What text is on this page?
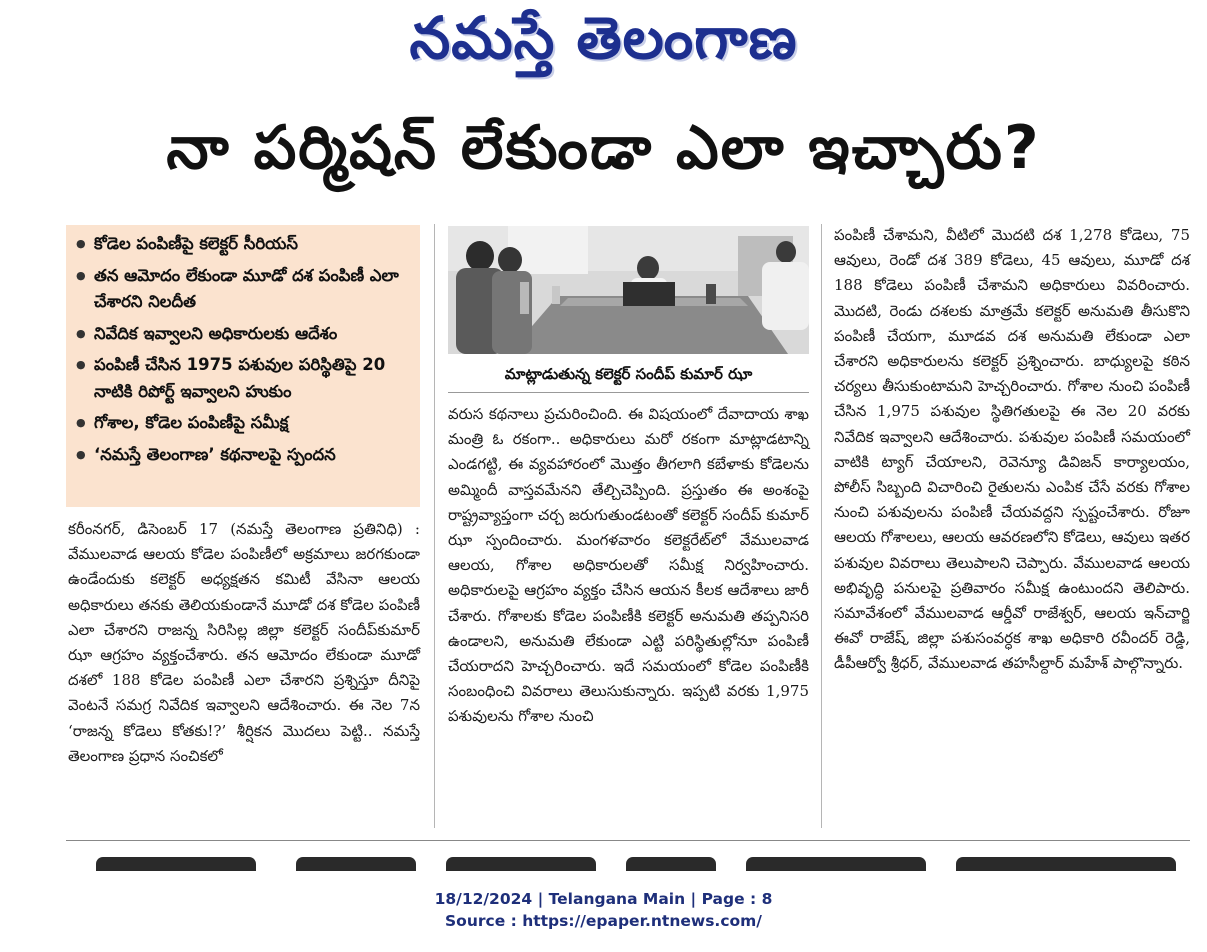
నమస్తే తెలంగాణ
నా పర్మిషన్ లేకుండా ఎలా ఇచ్చారు?
● కోడెల పంపిణీపై కలెక్టర్ సీరియస్
● తన ఆమోదం లేకుండా మూడో దశ పంపిణీ ఎలా చేశారని నిలదీత
● నివేదిక ఇవ్వాలని అధికారులకు ఆదేశం
● పంపిణీ చేసిన 1975 పశువుల పరిస్థితిపై 20 నాటికి రిపోర్ట్ ఇవ్వాలని హుకుం
● గోశాల, కోడెల పంపిణీపై సమీక్ష
● ‘నమస్తే తెలంగాణ’ కథనాలపై స్పందన
మాట్లాడుతున్న కలెక్టర్ సందీప్ కుమార్ ఝా

కరీంనగర్, డిసెంబర్ 17 (నమస్తే తెలంగాణ ప్రతినిధి) : వేములవాడ ఆలయ కోడెల పంపిణీలో అక్రమాలు జరగకుండా ఉండేందుకు కలెక్టర్ అధ్యక్షతన కమిటీ వేసినా ఆలయ అధికారులు తనకు తెలియకుండానే మూడో దశ కోడెల పంపిణీ ఎలా చేశారని రాజన్న సిరిసిల్ల జిల్లా కలెక్టర్ సందీప్‌కుమార్ ఝా ఆగ్రహం వ్యక్తంచేశారు. తన ఆమోదం లేకుండా మూడో దశలో 188 కోడెల పంపిణీ ఎలా చేశారని ప్రశ్నిస్తూ దీనిపై వెంటనే సమగ్ర నివేదిక ఇవ్వాలని ఆదేశించారు. ఈ నెల 7న ‘రాజన్న కోడెలు కోతకు!?’ శీర్షికన మొదలు పెట్టి.. నమస్తే తెలంగాణ ప్రధాన సంచికలో

వరుస కథనాలు ప్రచురించింది. ఈ విషయంలో దేవాదాయ శాఖ మంత్రి ఓ రకంగా.. అధికారులు మరో రకంగా మాట్లాడటాన్ని ఎండగట్టి, ఈ వ్యవహారంలో మొత్తం తీగలాగి కబేళాకు కోడెలను అమ్మిందీ వాస్తవమేనని తేల్చిచెప్పింది. ప్రస్తుతం ఈ అంశంపై రాష్ట్రవ్యాప్తంగా చర్చ జరుగుతుండటంతో కలెక్టర్ సందీప్ కుమార్ ఝా స్పందించారు. మంగళవారం కలెక్టరేట్‌లో వేములవాడ ఆలయ, గోశాల అధికారులతో సమీక్ష నిర్వహించారు. అధికారులపై ఆగ్రహం వ్యక్తం చేసిన ఆయన కీలక ఆదేశాలు జారీ చేశారు. గోశాలకు కోడెల పంపిణీకి కలెక్టర్ అనుమతి తప్పనిసరి ఉండాలని, అనుమతి లేకుండా ఎట్టి పరిస్థితుల్లోనూ పంపిణీ చేయరాదని హెచ్చరించారు. ఇదే సమయంలో కోడెల పంపిణీకి సంబంధించి వివరాలు తెలుసుకున్నారు. ఇప్పటి వరకు 1,975 పశువులను గోశాల నుంచి

పంపిణీ చేశామని, వీటిలో మొదటి దశ 1,278 కోడెలు, 75 ఆవులు, రెండో దశ 389 కోడెలు, 45 ఆవులు, మూడో దశ 188 కోడెలు పంపిణీ చేశామని అధికారులు వివరించారు. మొదటి, రెండు దశలకు మాత్రమే కలెక్టర్ అనుమతి తీసుకొని పంపిణీ చేయగా, మూడవ దశ అనుమతి లేకుండా ఎలా చేశారని అధికారులను కలెక్టర్ ప్రశ్నించారు. బాధ్యులపై కఠిన చర్యలు తీసుకుంటామని హెచ్చరించారు. గోశాల నుంచి పంపిణీ చేసిన 1,975 పశువుల స్థితిగతులపై ఈ నెల 20 వరకు నివేదిక ఇవ్వాలని ఆదేశించారు. పశువుల పంపిణీ సమయంలో వాటికి ట్యాగ్ చేయాలని, రెవెన్యూ డివిజన్ కార్యాలయం, పోలీస్ సిబ్బంది విచారించి రైతులను ఎంపిక చేసే వరకు గోశాల నుంచి పశువులను పంపిణీ చేయవద్దని స్పష్టంచేశారు. రోజూ ఆలయ గోశాలలు, ఆలయ ఆవరణలోని కోడెలు, ఆవులు ఇతర పశువుల వివరాలు తెలుపాలని చెప్పారు. వేములవాడ ఆలయ అభివృద్ధి పనులపై ప్రతివారం సమీక్ష ఉంటుందని తెలిపారు. సమావేశంలో వేములవాడ ఆర్డీవో రాజేశ్వర్, ఆలయ ఇన్‌చార్జి ఈవో రాజేష్, జిల్లా పశుసంవర్ధక శాఖ అధికారి రవీందర్ రెడ్డి, డీపీఆర్వో శ్రీధర్, వేములవాడ తహసీల్దార్ మహేశ్ పాల్గొన్నారు.

18/12/2024 | Telangana Main | Page : 8
Source : https://epaper.ntnews.com/
